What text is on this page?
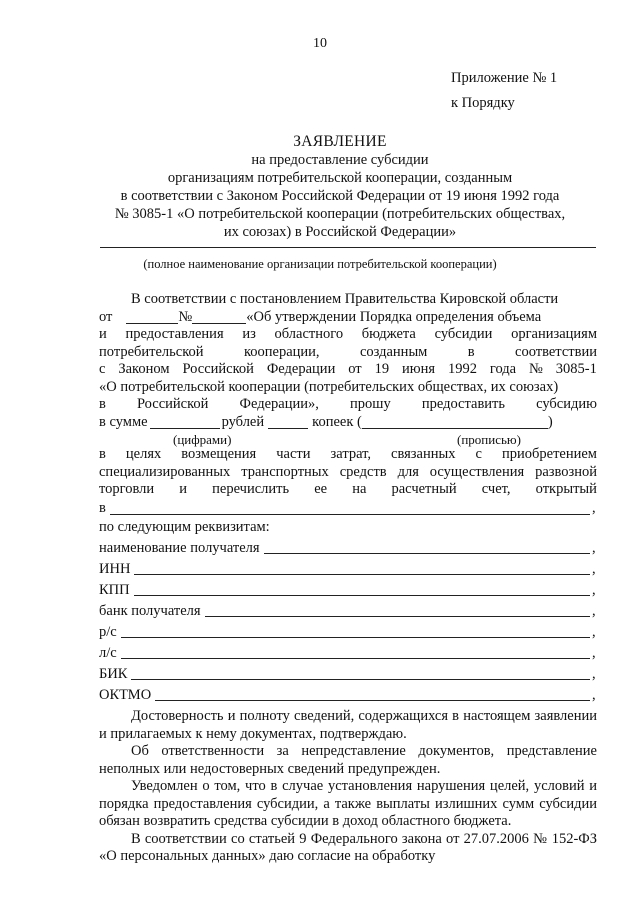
10
Приложение № 1
к Порядку
ЗАЯВЛЕНИЕ
на предоставление субсидии
организациям потребительской кооперации, созданным
в соответствии с Законом Российской Федерации от 19 июня 1992 года
№ 3085-1 «О потребительской кооперации (потребительских обществах,
их союзах) в Российской Федерации»
(полное наименование организации потребительской кооперации)
В соответствии с постановлением Правительства Кировской области
от	№	«Об утверждении Порядка определения объема
и предоставления из областного бюджета субсидии организациям
потребительской	кооперации,	созданным	в	соответствии
с Законом Российской Федерации от 19 июня 1992 года № 3085-1
«О потребительской кооперации (потребительских обществах, их союзах)
в Российской Федерации», прошу предоставить субсидию
в сумме	рублей	копеек (	)
(цифрами)	(прописью)
в целях возмещения части затрат, связанных с приобретением
специализированных транспортных средств для осуществления развозной
торговли и перечислить ее на расчетный счет, открытый
в	,
по следующим реквизитам:
наименование получателя	,
ИНН	,
КПП	,
банк получателя	,
р/с	,
л/с	,
БИК	,
ОКТМО	,

Достоверность и полноту сведений, содержащихся в настоящем заявлении и прилагаемых к нему документах, подтверждаю.

Об ответственности за непредставление документов, представление неполных или недостоверных сведений предупрежден.

Уведомлен о том, что в случае установления нарушения целей, условий и порядка предоставления субсидии, а также выплаты излишних сумм субсидии обязан возвратить средства субсидии в доход областного бюджета.

В соответствии со статьей 9 Федерального закона от 27.07.2006 № 152-ФЗ «О персональных данных» даю согласие на обработку
